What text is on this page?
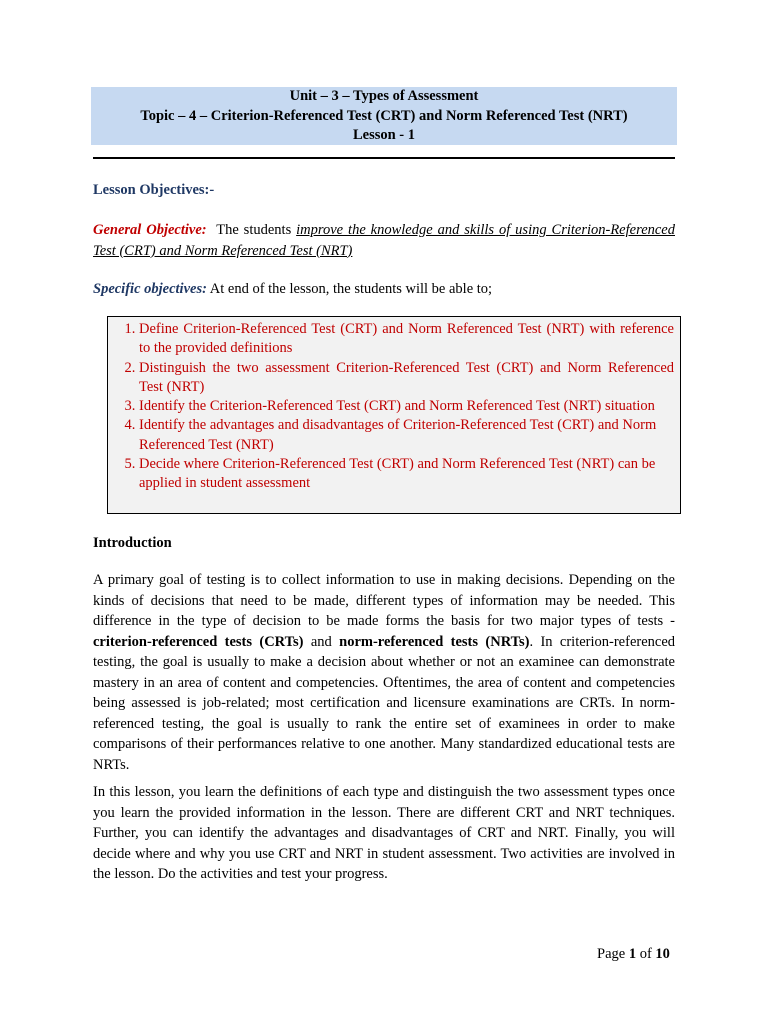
Unit – 3 – Types of Assessment
Topic – 4 – Criterion-Referenced Test (CRT) and Norm Referenced Test (NRT)
Lesson - 1
Lesson Objectives:-
General Objective: The students improve the knowledge and skills of using Criterion-Referenced Test (CRT) and Norm Referenced Test (NRT)
Specific objectives: At end of the lesson, the students will be able to;
1. Define Criterion-Referenced Test (CRT) and Norm Referenced Test (NRT) with reference to the provided definitions
2. Distinguish the two assessment Criterion-Referenced Test (CRT) and Norm Referenced Test (NRT)
3. Identify the Criterion-Referenced Test (CRT) and Norm Referenced Test (NRT) situation
4. Identify the advantages and disadvantages of Criterion-Referenced Test (CRT) and Norm Referenced Test (NRT)
5. Decide where Criterion-Referenced Test (CRT) and Norm Referenced Test (NRT) can be applied in student assessment
Introduction
A primary goal of testing is to collect information to use in making decisions. Depending on the kinds of decisions that need to be made, different types of information may be needed. This difference in the type of decision to be made forms the basis for two major types of tests - criterion-referenced tests (CRTs) and norm-referenced tests (NRTs). In criterion-referenced testing, the goal is usually to make a decision about whether or not an examinee can demonstrate mastery in an area of content and competencies. Oftentimes, the area of content and competencies being assessed is job-related; most certification and licensure examinations are CRTs. In norm-referenced testing, the goal is usually to rank the entire set of examinees in order to make comparisons of their performances relative to one another. Many standardized educational tests are NRTs.
In this lesson, you learn the definitions of each type and distinguish the two assessment types once you learn the provided information in the lesson. There are different CRT and NRT techniques. Further, you can identify the advantages and disadvantages of CRT and NRT. Finally, you will decide where and why you use CRT and NRT in student assessment. Two activities are involved in the lesson. Do the activities and test your progress.
Page 1 of 10
